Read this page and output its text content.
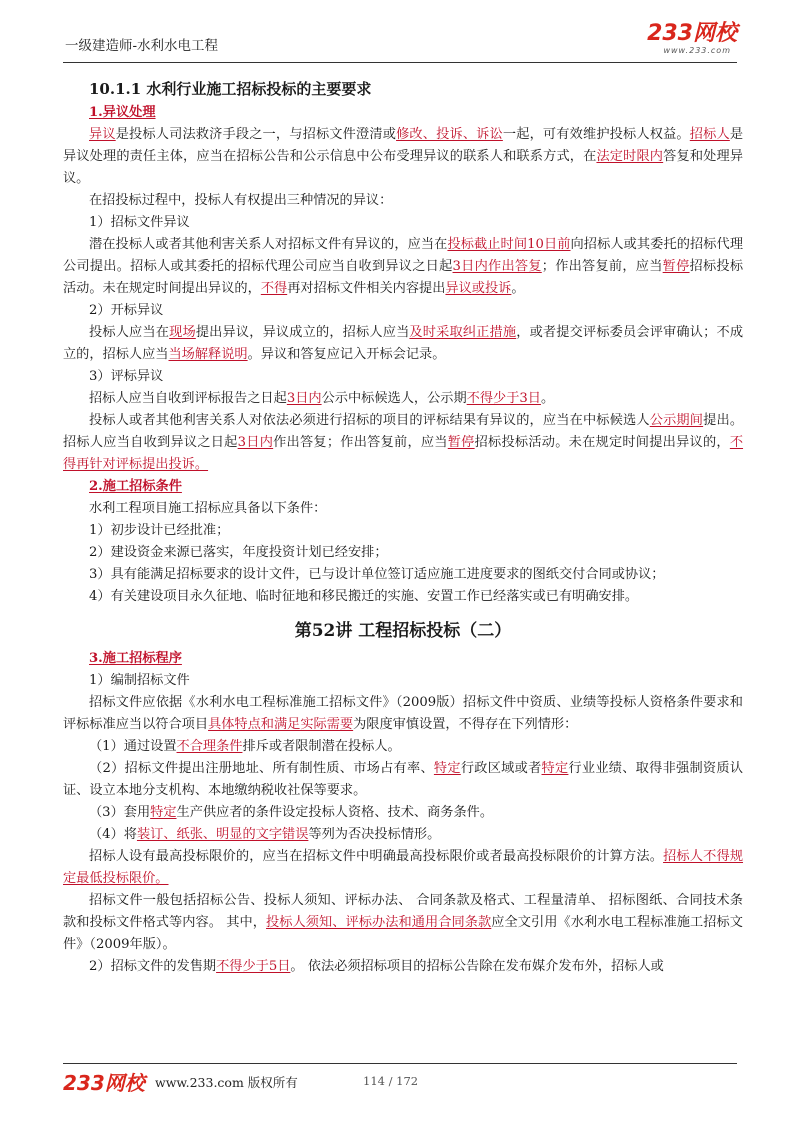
一级建造师-水利水电工程	233网校
www.233.com
10.1.1 水利行业施工招标投标的主要要求

1.异议处理

异议是投标人司法救济手段之一，与招标文件澄清或修改、投诉、诉讼一起，可有效维护投标人权益。招标人是异议处理的责任主体，应当在招标公告和公示信息中公布受理异议的联系人和联系方式，在法定时限内答复和处理异议。

在招投标过程中，投标人有权提出三种情况的异议：

1）招标文件异议

潜在投标人或者其他利害关系人对招标文件有异议的，应当在投标截止时间10日前向招标人或其委托的招标代理公司提出。招标人或其委托的招标代理公司应当自收到异议之日起3日内作出答复；作出答复前，应当暂停招标投标活动。未在规定时间提出异议的，不得再对招标文件相关内容提出异议或投诉。

2）开标异议

投标人应当在现场提出异议，异议成立的，招标人应当及时采取纠正措施，或者提交评标委员会评审确认；不成立的，招标人应当当场解释说明。异议和答复应记入开标会记录。

3）评标异议

招标人应当自收到评标报告之日起3日内公示中标候选人，公示期不得少于3日。

投标人或者其他利害关系人对依法必须进行招标的项目的评标结果有异议的，应当在中标候选人公示期间提出。招标人应当自收到异议之日起3日内作出答复；作出答复前，应当暂停招标投标活动。未在规定时间提出异议的，不得再针对评标提出投诉。

2.施工招标条件

水利工程项目施工招标应具备以下条件：

1）初步设计已经批准；

2）建设资金来源已落实，年度投资计划已经安排；

3）具有能满足招标要求的设计文件，已与设计单位签订适应施工进度要求的图纸交付合同或协议；

4）有关建设项目永久征地、临时征地和移民搬迁的实施、安置工作已经落实或已有明确安排。

第52讲 工程招标投标（二）

3.施工招标程序

1）编制招标文件

招标文件应依据《水利水电工程标准施工招标文件》（2009版）招标文件中资质、业绩等投标人资格条件要求和评标标准应当以符合项目具体特点和满足实际需要为限度审慎设置，不得存在下列情形：

（1）通过设置不合理条件排斥或者限制潜在投标人。

（2）招标文件提出注册地址、所有制性质、市场占有率、特定行政区域或者特定行业业绩、取得非强制资质认证、设立本地分支机构、本地缴纳税收社保等要求。

（3）套用特定生产供应者的条件设定投标人资格、技术、商务条件。

（4）将装订、纸张、明显的文字错误等列为否决投标情形。

招标人设有最高投标限价的，应当在招标文件中明确最高投标限价或者最高投标限价的计算方法。招标人不得规定最低投标限价。

招标文件一般包括招标公告、投标人须知、评标办法、 合同条款及格式、工程量清单、 招标图纸、合同技术条款和投标文件格式等内容。 其中，投标人须知、评标办法和通用合同条款应全文引用《水利水电工程标准施工招标文件》（2009年版）。

2）招标文件的发售期不得少于5日。 依法必须招标项目的招标公告除在发布媒介发布外，招标人或

233网校 www.233.com 版权所有	114 / 172
